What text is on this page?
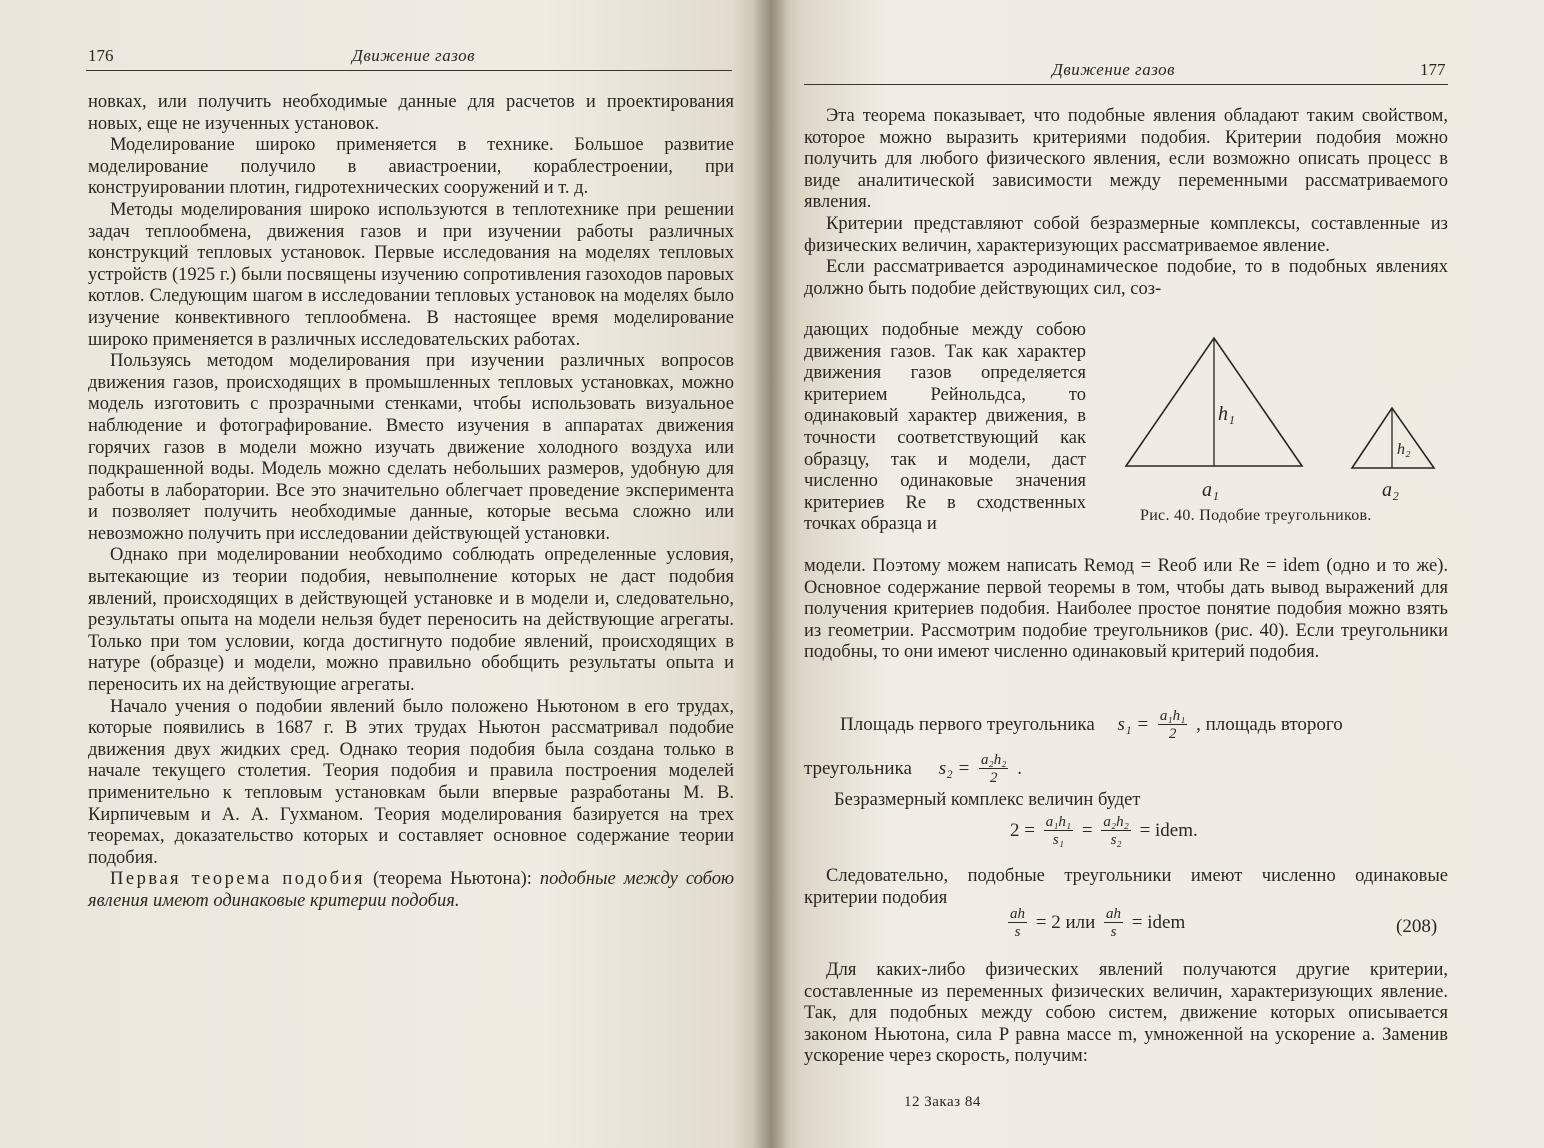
176	Движение газов

новках, или получить необходимые данные для расчетов и проектирования новых, еще не изученных установок.

Моделирование широко применяется в технике. Большое развитие моделирование получило в авиастроении, кораблестроении, при конструировании плотин, гидротехнических сооружений и т. д.

Методы моделирования широко используются в теплотехнике при решении задач теплообмена, движения газов и при изучении работы различных конструкций тепловых установок. Первые исследования на моделях тепловых устройств (1925 г.) были посвящены изучению сопротивления газоходов паровых котлов. Следующим шагом в исследовании тепловых установок на моделях было изучение конвективного теплообмена. В настоящее время моделирование широко применяется в различных исследовательских работах.

Пользуясь методом моделирования при изучении различных вопросов движения газов, происходящих в промышленных тепловых установках, можно модель изготовить с прозрачными стенками, чтобы использовать визуальное наблюдение и фотографирование. Вместо изучения в аппаратах движения горячих газов в модели можно изучать движение холодного воздуха или подкрашенной воды. Модель можно сделать небольших размеров, удобную для работы в лаборатории. Все это значительно облегчает проведение эксперимента и позволяет получить необходимые данные, которые весьма сложно или невозможно получить при исследовании действующей установки.

Однако при моделировании необходимо соблюдать определенные условия, вытекающие из теории подобия, невыполнение которых не даст подобия явлений, происходящих в действующей установке и в модели и, следовательно, результаты опыта на модели нельзя будет переносить на действующие агрегаты. Только при том условии, когда достигнуто подобие явлений, происходящих в натуре (образце) и модели, можно правильно обобщить результаты опыта и переносить их на действующие агрегаты.

Начало учения о подобии явлений было положено Ньютоном в его трудах, которые появились в 1687 г. В этих трудах Ньютон рассматривал подобие движения двух жидких сред. Однако теория подобия была создана только в начале текущего столетия. Теория подобия и правила построения моделей применительно к тепловым установкам были впервые разработаны М. В. Кирпичевым и А. А. Гухманом. Теория моделирования базируется на трех теоремах, доказательство которых и составляет основное содержание теории подобия.

Первая теорема подобия (теорема Ньютона): подобные между собою явления имеют одинаковые критерии подобия.

Движение газов	177

Эта теорема показывает, что подобные явления обладают таким свойством, которое можно выразить критериями подобия. Критерии подобия можно получить для любого физического явления, если возможно описать процесс в виде аналитической зависимости между переменными рассматриваемого явления.

Критерии представляют собой безразмерные комплексы, составленные из физических величин, характеризующих рассматриваемое явление.

Если рассматривается аэродинамическое подобие, то в подобных явлениях должно быть подобие действующих сил, соз-

дающих подобные между собою движения газов. Так как характер движения газов определяется критерием Рейнольдса, то одинаковый характер движения, в точности соответствующий как образцу, так и модели, даст численно одинаковые значения критериев Re в сходственных точках образца и

h₁
h₂
a₁	a₂
Рис. 40. Подобие треугольников.

модели. Поэтому можем написать Reмод = Reоб или Re = idem (одно и то же). Основное содержание первой теоремы в том, чтобы дать вывод выражений для получения критериев подобия. Наиболее простое понятие подобия можно взять из геометрии. Рассмотрим подобие треугольников (рис. 40). Если треугольники подобны, то они имеют численно одинаковый критерий подобия.

Площадь первого треугольника $s_1 = \frac{\text{a₁h₁}}{2}$ , площадь второго
треугольника $s_2 = \frac{\text{a₂h₂}}{2}$ .

Безразмерный комплекс величин будет

$2 = \frac{\text{a₁h₁}}{\text{s₁}} = \frac{\text{a₂h₂}}{\text{s₂}}$ = idem.

Следовательно, подобные треугольники имеют численно одинаковые критерии подобия

$\frac{ah}{s} = 2$ или $\frac{ah}{s}$ = idem	(208)

Для каких-либо физических явлений получаются другие критерии, составленные из переменных физических величин, характеризующих явление. Так, для подобных между собою систем, движение которых описывается законом Ньютона, сила P равна массе m, умноженной на ускорение a. Заменив ускорение через скорость, получим:

12 Заказ 84
